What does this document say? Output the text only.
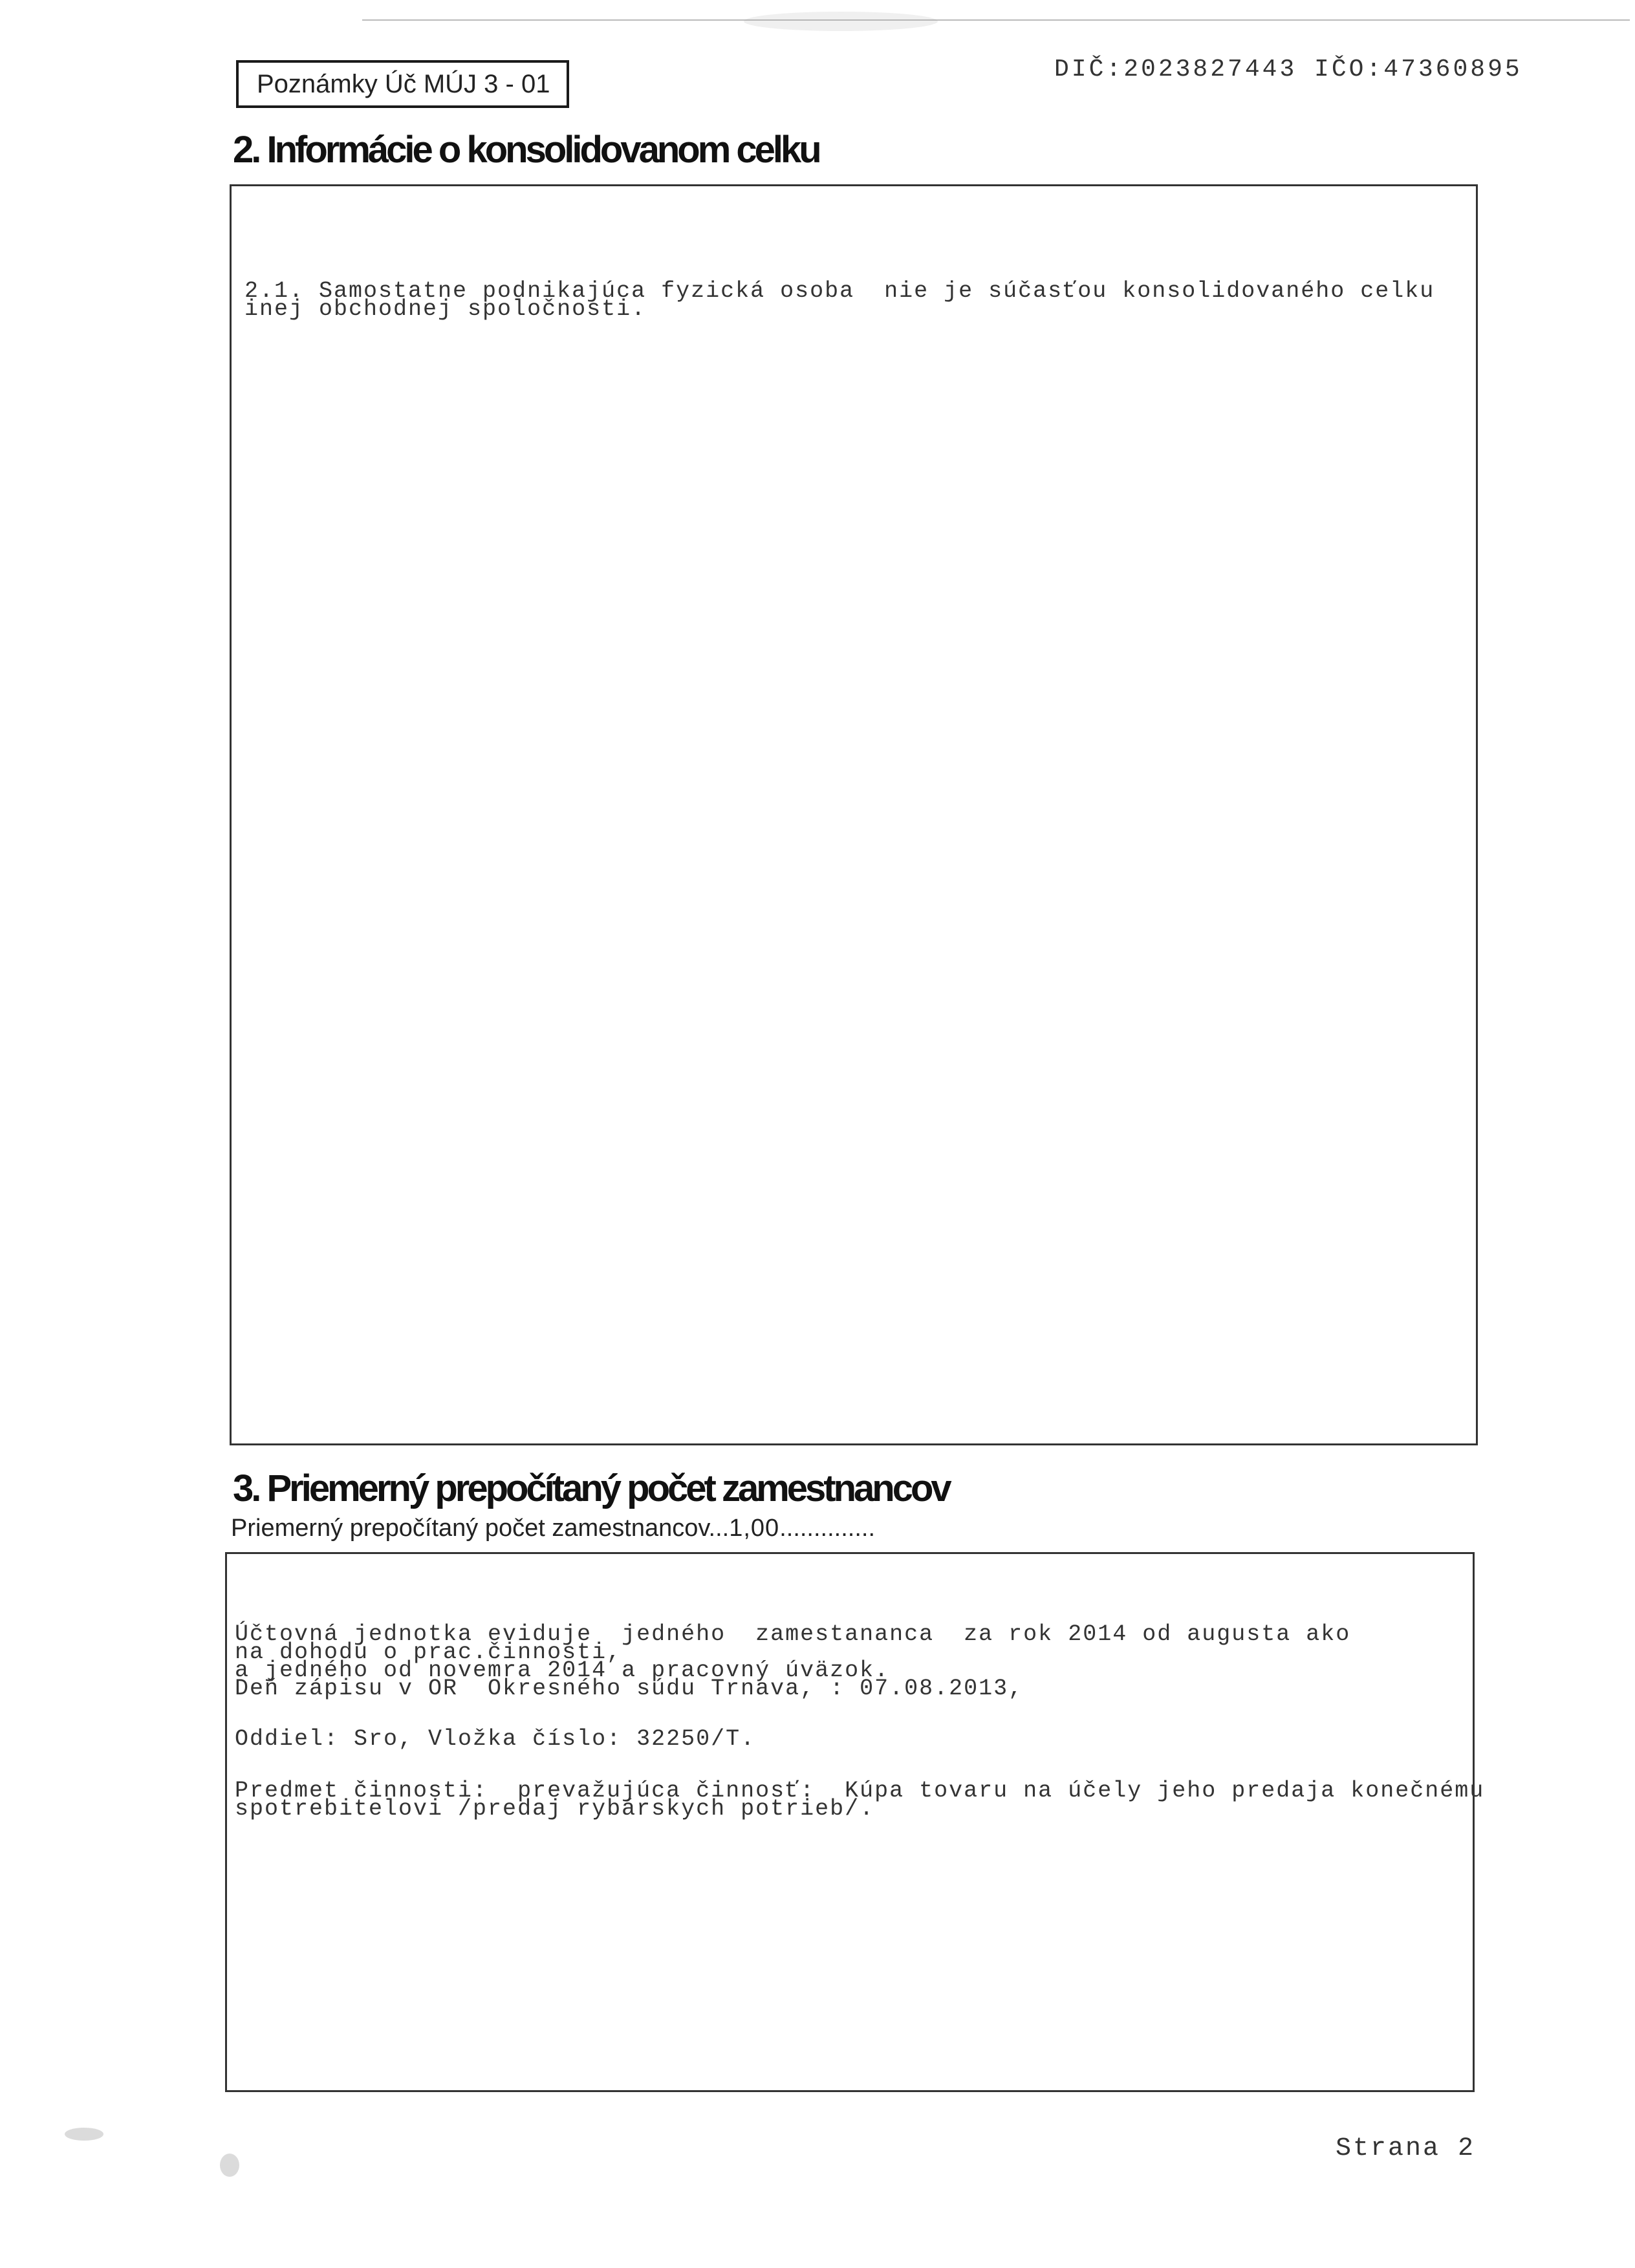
Poznámky Úč MÚJ 3 - 01
DIČ:2023827443 IČO:47360895
2. Informácie o konsolidovanom celku
2.1. Samostatne podnikajúca fyzická osoba  nie je súčasťou konsolidovaného celku
inej obchodnej spoločnosti.
3. Priemerný prepočítaný počet zamestnancov
Priemerný prepočítaný počet zamestnancov...1,00..............
Účtovná jednotka eviduje  jedného  zamestananca  za rok 2014 od augusta ako
na dohodu o prac.činnosti,
a jedného od novemra 2014 a pracovný úväzok.
Deň zápisu v OR  Okresného súdu Trnava, : 07.08.2013,
Oddiel: Sro, Vložka číslo: 32250/T.
Predmet činnosti:  prevažujúca činnosť:  Kúpa tovaru na účely jeho predaja konečnému
spotrebitelovi /predaj rybárskych potrieb/.
Strana 2
